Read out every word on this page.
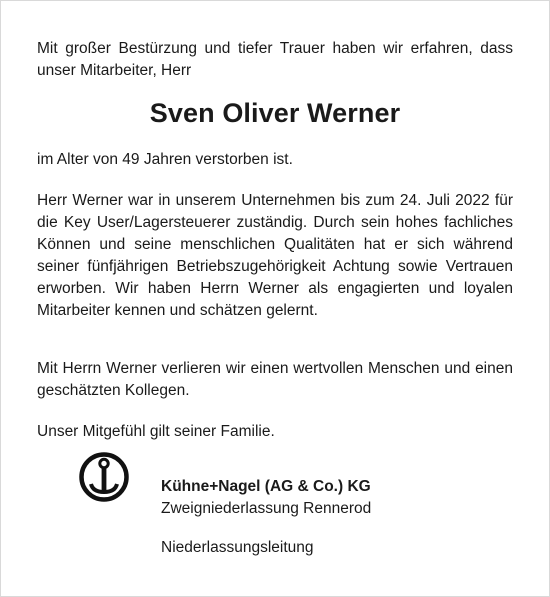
Mit großer Bestürzung und tiefer Trauer haben wir erfahren, dass unser Mitarbeiter, Herr

Sven Oliver Werner

im Alter von 49 Jahren verstorben ist.

Herr Werner war in unserem Unternehmen bis zum 24. Juli 2022 für die Key User/Lagersteuerer zuständig. Durch sein hohes fachliches Können und seine menschlichen Qualitäten hat er sich während seiner fünfjährigen Betriebszugehörigkeit Achtung sowie Vertrauen erworben. Wir haben Herrn Werner als engagierten und loyalen Mitarbeiter kennen und schätzen gelernt.

Mit Herrn Werner verlieren wir einen wertvollen Menschen und einen geschätzten Kollegen.

Unser Mitgefühl gilt seiner Familie.

Kühne+Nagel (AG & Co.) KG
Zweigniederlassung Rennerod

Niederlassungsleitung
